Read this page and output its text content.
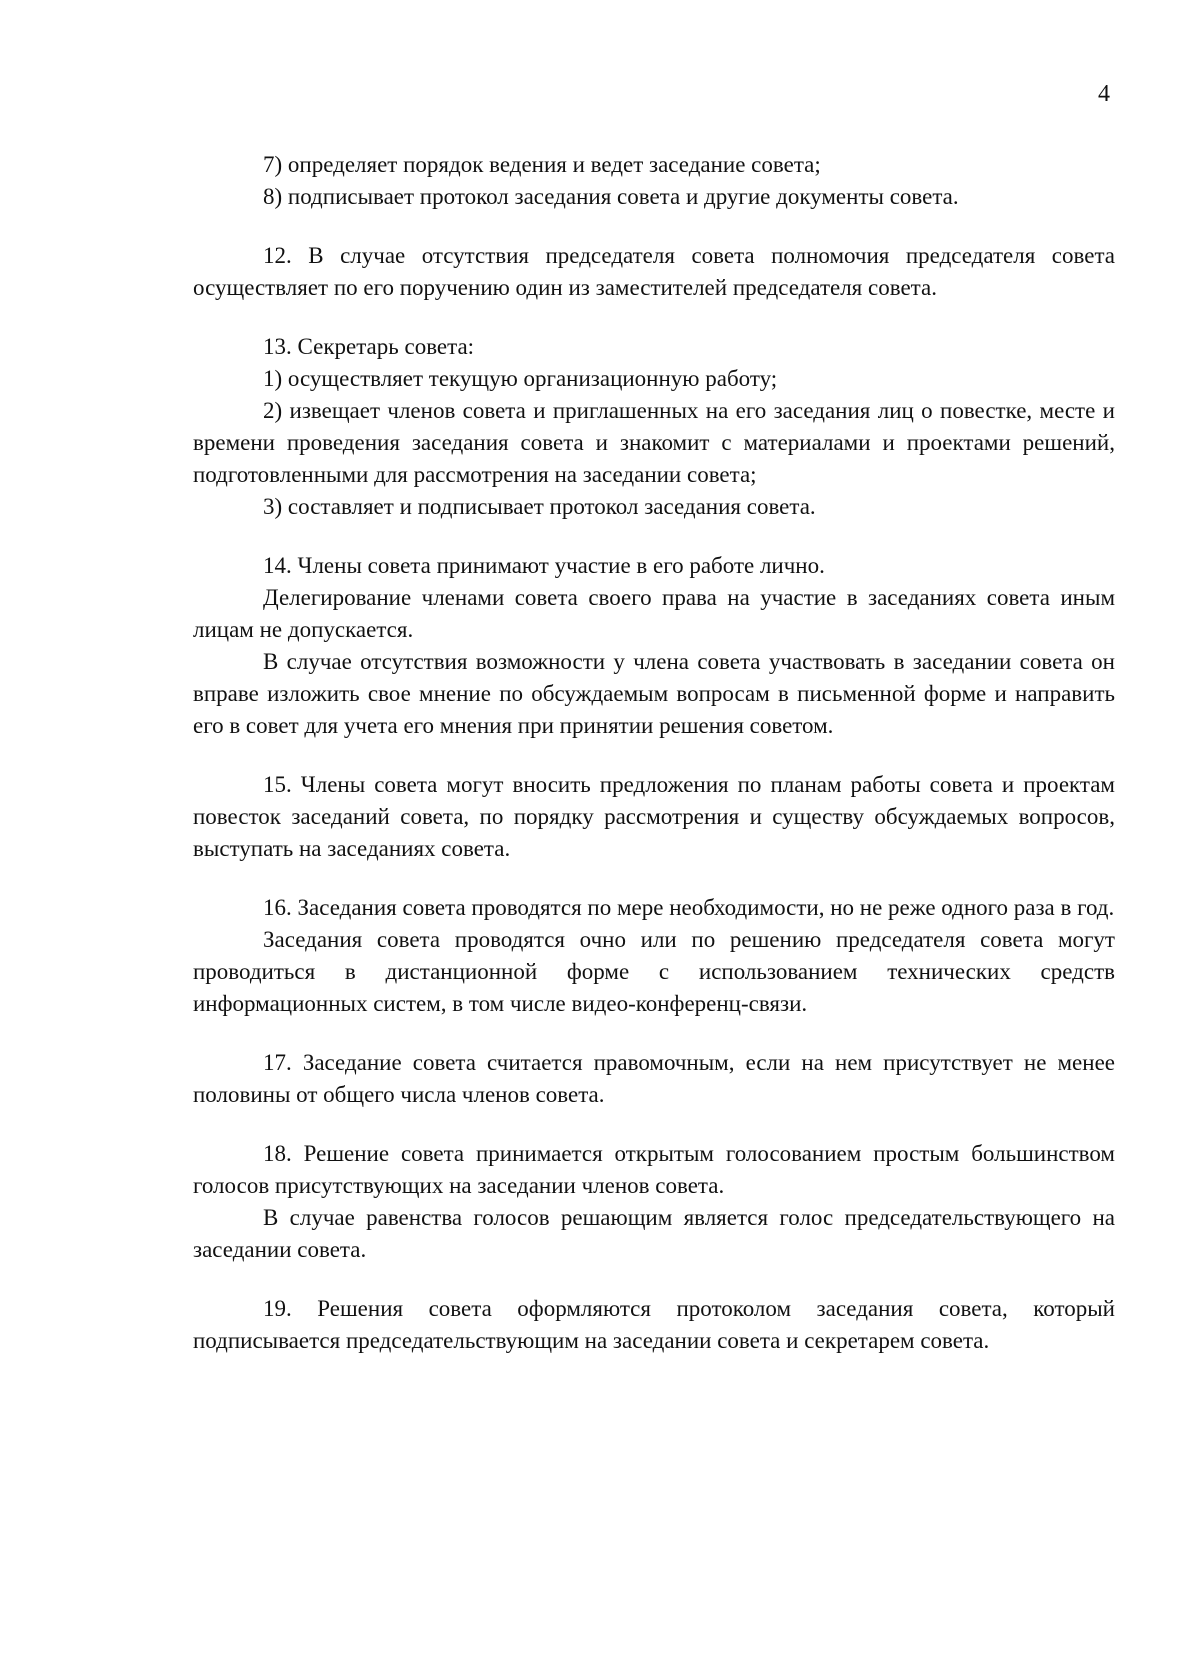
4

7) определяет порядок ведения и ведет заседание совета;

8) подписывает протокол заседания совета и другие документы совета.

12. В случае отсутствия председателя совета полномочия председателя совета осуществляет по его поручению один из заместителей председателя совета.

13. Секретарь совета:

1) осуществляет текущую организационную работу;

2) извещает членов совета и приглашенных на его заседания лиц о повестке, месте и времени проведения заседания совета и знакомит с материалами и проектами решений, подготовленными для рассмотрения на заседании совета;

3) составляет и подписывает протокол заседания совета.

14. Члены совета принимают участие в его работе лично.

Делегирование членами совета своего права на участие в заседаниях совета иным лицам не допускается.

В случае отсутствия возможности у члена совета участвовать в заседании совета он вправе изложить свое мнение по обсуждаемым вопросам в письменной форме и направить его в совет для учета его мнения при принятии решения советом.

15. Члены совета могут вносить предложения по планам работы совета и проектам повесток заседаний совета, по порядку рассмотрения и существу обсуждаемых вопросов, выступать на заседаниях совета.

16. Заседания совета проводятся по мере необходимости, но не реже одного раза в год.

Заседания совета проводятся очно или по решению председателя совета могут проводиться в дистанционной форме с использованием технических средств информационных систем, в том числе видео-конференц-связи.

17. Заседание совета считается правомочным, если на нем присутствует не менее половины от общего числа членов совета.

18. Решение совета принимается открытым голосованием простым большинством голосов присутствующих на заседании членов совета.

В случае равенства голосов решающим является голос председательствующего на заседании совета.

19. Решения совета оформляются протоколом заседания совета, который подписывается председательствующим на заседании совета и секретарем совета.
